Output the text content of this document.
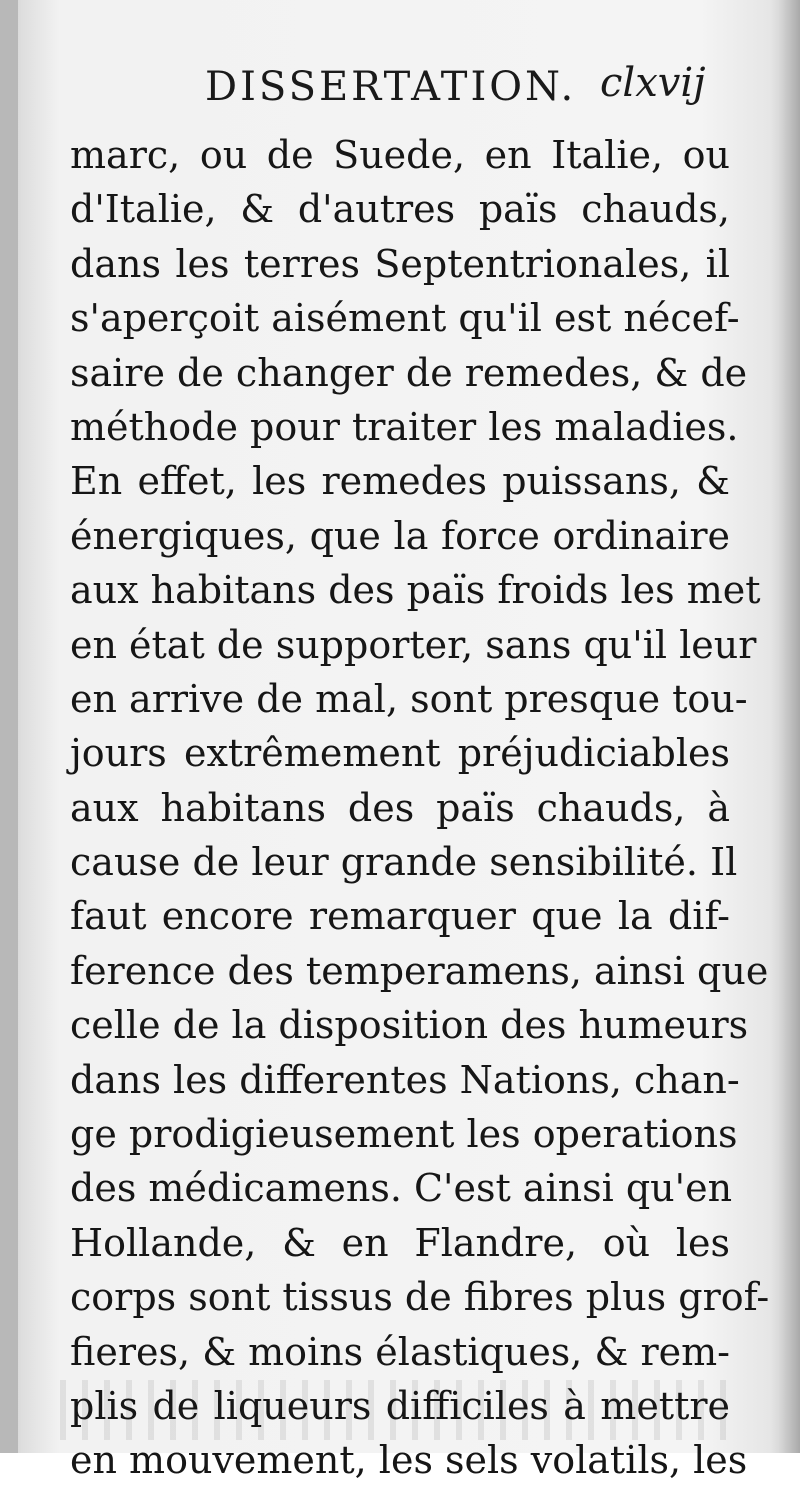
DISSERTATION. clxvij
marc, ou de Suede, en Italie, ou
d'Italie, & d'autres païs chauds,
dans les terres Septentrionales, il
s'aperçoit aisément qu'il est nécef-
saire de changer de remedes, & de
méthode pour traiter les maladies.
En effet, les remedes puissans, &
énergiques, que la force ordinaire
aux habitans des païs froids les met
en état de supporter, sans qu'il leur
en arrive de mal, sont presque tou-
jours extrêmement préjudiciables
aux habitans des païs chauds, à
cause de leur grande sensibilité. Il
faut encore remarquer que la dif-
ference des temperamens, ainsi que
celle de la disposition des humeurs
dans les differentes Nations, chan-
ge prodigieusement les operations
des médicamens. C'est ainsi qu'en
Hollande, & en Flandre, où les
corps sont tissus de fibres plus grof-
fieres, & moins élastiques, & rem-
plis de liqueurs difficiles à mettre
en mouvement, les sels volatils, les
